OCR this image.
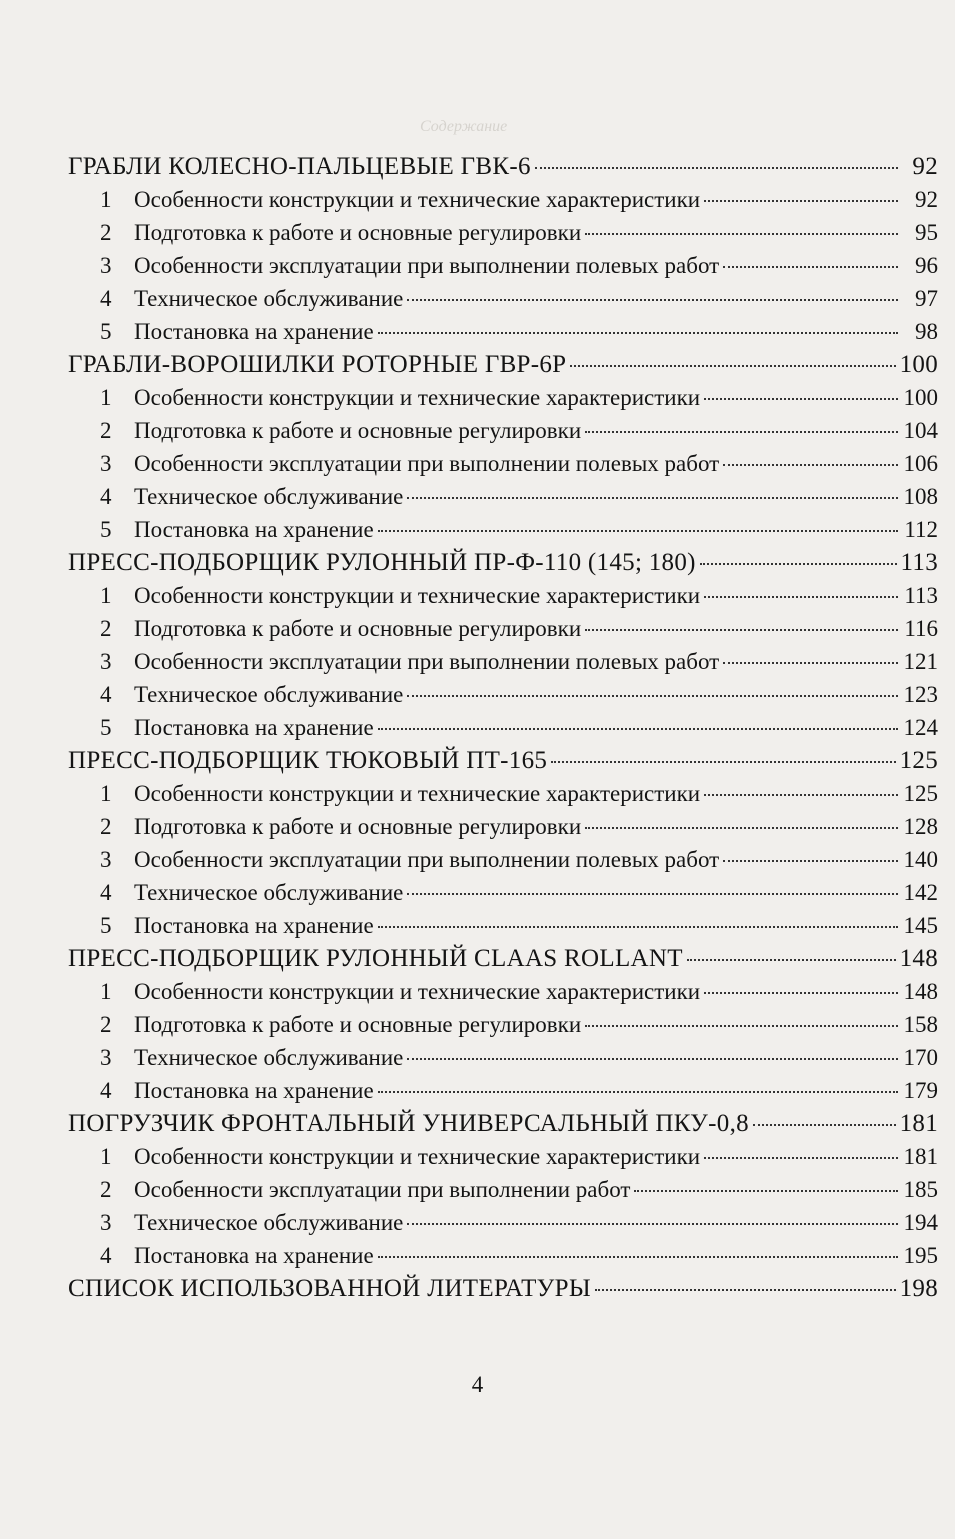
Содержание
ГРАБЛИ КОЛЕСНО-ПАЛЬЦЕВЫЕ ГВК-6	92
1 Особенности конструкции и технические характеристики	92
2 Подготовка к работе и основные регулировки	95
3 Особенности эксплуатации при выполнении полевых работ	96
4 Техническое обслуживание	97
5 Постановка на хранение	98
ГРАБЛИ-ВОРОШИЛКИ РОТОРНЫЕ ГВР-6Р	100
1 Особенности конструкции и технические характеристики	100
2 Подготовка к работе и основные регулировки	104
3 Особенности эксплуатации при выполнении полевых работ	106
4 Техническое обслуживание	108
5 Постановка на хранение	112
ПРЕСС-ПОДБОРЩИК РУЛОННЫЙ ПР-Ф-110 (145; 180)	113
1 Особенности конструкции и технические характеристики	113
2 Подготовка к работе и основные регулировки	116
3 Особенности эксплуатации при выполнении полевых работ	121
4 Техническое обслуживание	123
5 Постановка на хранение	124
ПРЕСС-ПОДБОРЩИК ТЮКОВЫЙ ПТ-165	125
1 Особенности конструкции и технические характеристики	125
2 Подготовка к работе и основные регулировки	128
3 Особенности эксплуатации при выполнении полевых работ	140
4 Техническое обслуживание	142
5 Постановка на хранение	145
ПРЕСС-ПОДБОРЩИК РУЛОННЫЙ CLAAS ROLLANT	148
1 Особенности конструкции и технические характеристики	148
2 Подготовка к работе и основные регулировки	158
3 Техническое обслуживание	170
4 Постановка на хранение	179
ПОГРУЗЧИК ФРОНТАЛЬНЫЙ УНИВЕРСАЛЬНЫЙ ПКУ-0,8	181
1 Особенности конструкции и технические характеристики	181
2 Особенности эксплуатации при выполнении работ	185
3 Техническое обслуживание	194
4 Постановка на хранение	195
СПИСОК ИСПОЛЬЗОВАННОЙ ЛИТЕРАТУРЫ	198
4
